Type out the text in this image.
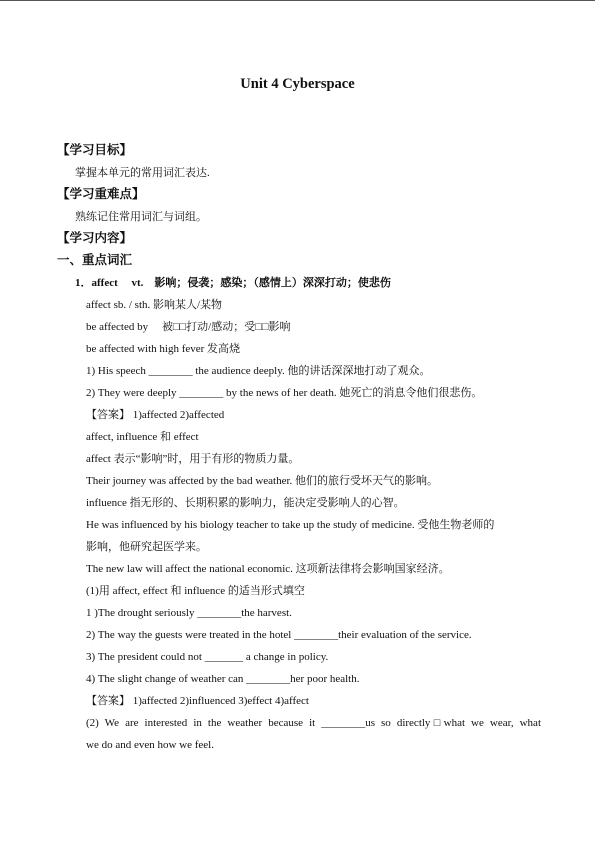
Unit 4 Cyberspace
【学习目标】
掌握本单元的常用词汇表达.
【学习重难点】
熟练记住常用词汇与词组。
【学习内容】
一、重点词汇
1．affect　 vt.　影响；侵袭；感染；（感情上）深深打动；使悲伤
affect sb. / sth. 影响某人/某物
be affected by　 被□□打动/感动；受□□影响
be affected with high fever 发高烧
1) His speech ________ the audience deeply. 他的讲话深深地打动了观众。
2) They were deeply ________ by the news of her death. 她死亡的消息令他们很悲伤。
【答案】 1)affected 2)affected
affect, influence 和 effect
affect 表示“影响”时，用于有形的物质力量。
Their journey was affected by the bad weather. 他们的旅行受坏天气的影响。
influence 指无形的、长期积累的影响力，能决定受影响人的心智。
He was influenced by his biology teacher to take up the study of medicine. 受他生物老师的
影响，他研究起医学来。
The new law will affect the national economic. 这项新法律将会影响国家经济。
(1)用 affect, effect 和 influence 的适当形式填空
1 )The drought seriously ________the harvest.
2) The way the guests were treated in the hotel ________their evaluation of the service.
3) The president could not _______ a change in policy.
4) The slight change of weather can ________her poor health.
【答案】 1)affected 2)influenced 3)effect 4)affect
(2) We are interested in the weather because it ________us so directly□what we wear, what
we do and even how we feel.
